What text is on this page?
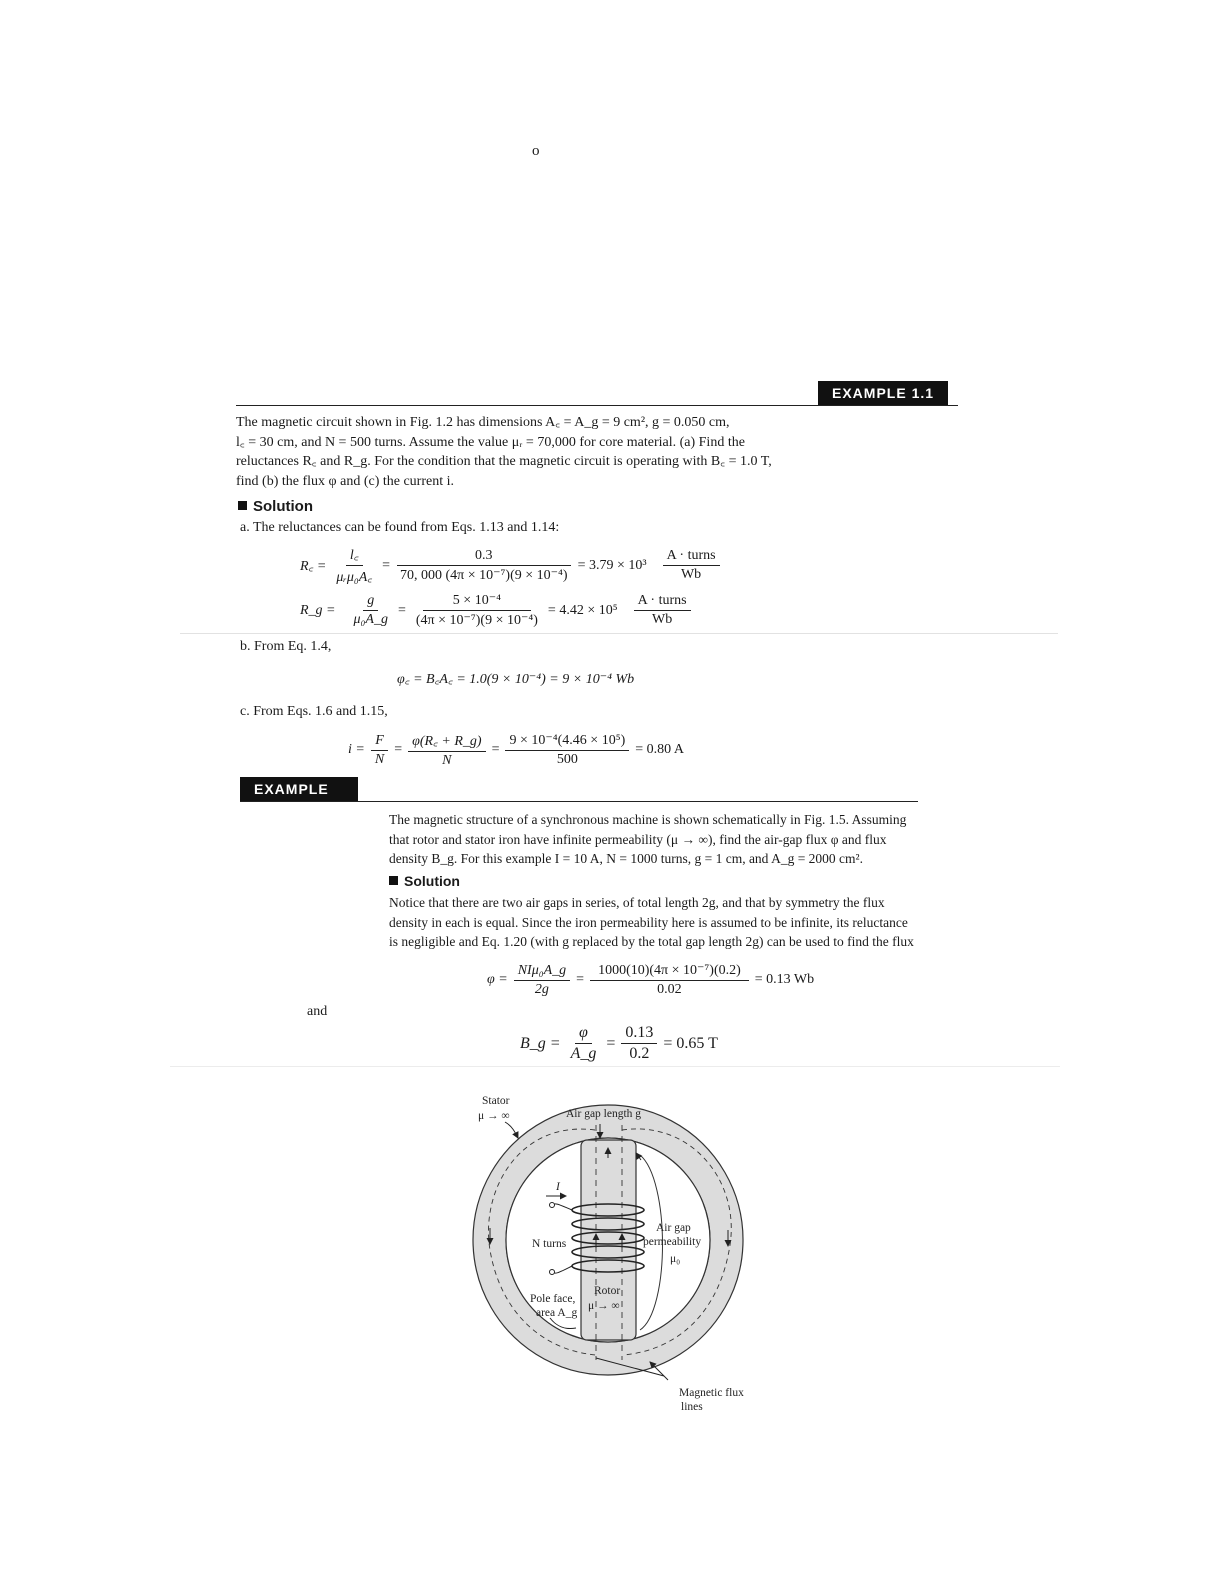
o
EXAMPLE 1.1
The magnetic circuit shown in Fig. 1.2 has dimensions A꜀ = A_g = 9 cm², g = 0.050 cm,
l꜀ = 30 cm, and N = 500 turns. Assume the value μᵣ = 70,000 for core material. (a) Find the
reluctances R꜀ and R_g. For the condition that the magnetic circuit is operating with B꜀ = 1.0 T,
find (b) the flux φ and (c) the current i.
Solution
a. The reluctances can be found from Eqs. 1.13 and 1.14:
R꜀ = $\frac{l꜀}{\text{μᵣμ₀A꜀}} = \frac{0.3}{\text{70, 000 (4π × 10⁻⁷)(9 × 10⁻⁴)}} = 3.79 \times 10^3 \frac{\text{A · turns}}{Wb}$
R_g = $\frac{g}{\text{μ₀A\_g}} = \frac{\text{5 × 10⁻⁴}}{\text{(4π × 10⁻⁷)(9 × 10⁻⁴)}} = 4.42 \times 10^5 \frac{\text{A · turns}}{Wb}$
b. From Eq. 1.4,
φ꜀ = B꜀A꜀ = 1.0(9 × 10⁻⁴) = 9 × 10⁻⁴ Wb
c. From Eqs. 1.6 and 1.15,
$i = \frac{F}{N} = \frac{\varphi(R꜀ + R\_g)}{N} = \frac{\text{9 × 10⁻⁴(4.46 × 10⁵)}}{500} = 0.80$ A
EXAMPLE 1.2	The magnetic structure of a synchronous machine is shown schematically in Fig. 1.5. Assuming
that rotor and stator iron have infinite permeability (μ → ∞), find the air-gap flux φ and flux
density B_g. For this example I = 10 A, N = 1000 turns, g = 1 cm, and A_g = 2000 cm².
Solution
Notice that there are two air gaps in series, of total length 2g, and that by symmetry the flux
density in each is equal. Since the iron permeability here is assumed to be infinite, its reluctance
is negligible and Eq. 1.20 (with g replaced by the total gap length 2g) can be used to find the flux
$\varphi = \frac{\text{NIμ₀A\_g}}{2g} = \frac{\text{1000(10)(4π × 10⁻⁷)(0.2)}}{0.02} = 0.13$ Wb
and
B_g = $\frac{\varphi}{A\_g} = \frac{0.13}{0.2} = 0.65$ T
Stator
μ → ∞	Air gap length g
I
N turns
Air gap
permeability
μ₀
Rotor
μ → ∞
Pole face,
area A_g
Magnetic flux
lines
